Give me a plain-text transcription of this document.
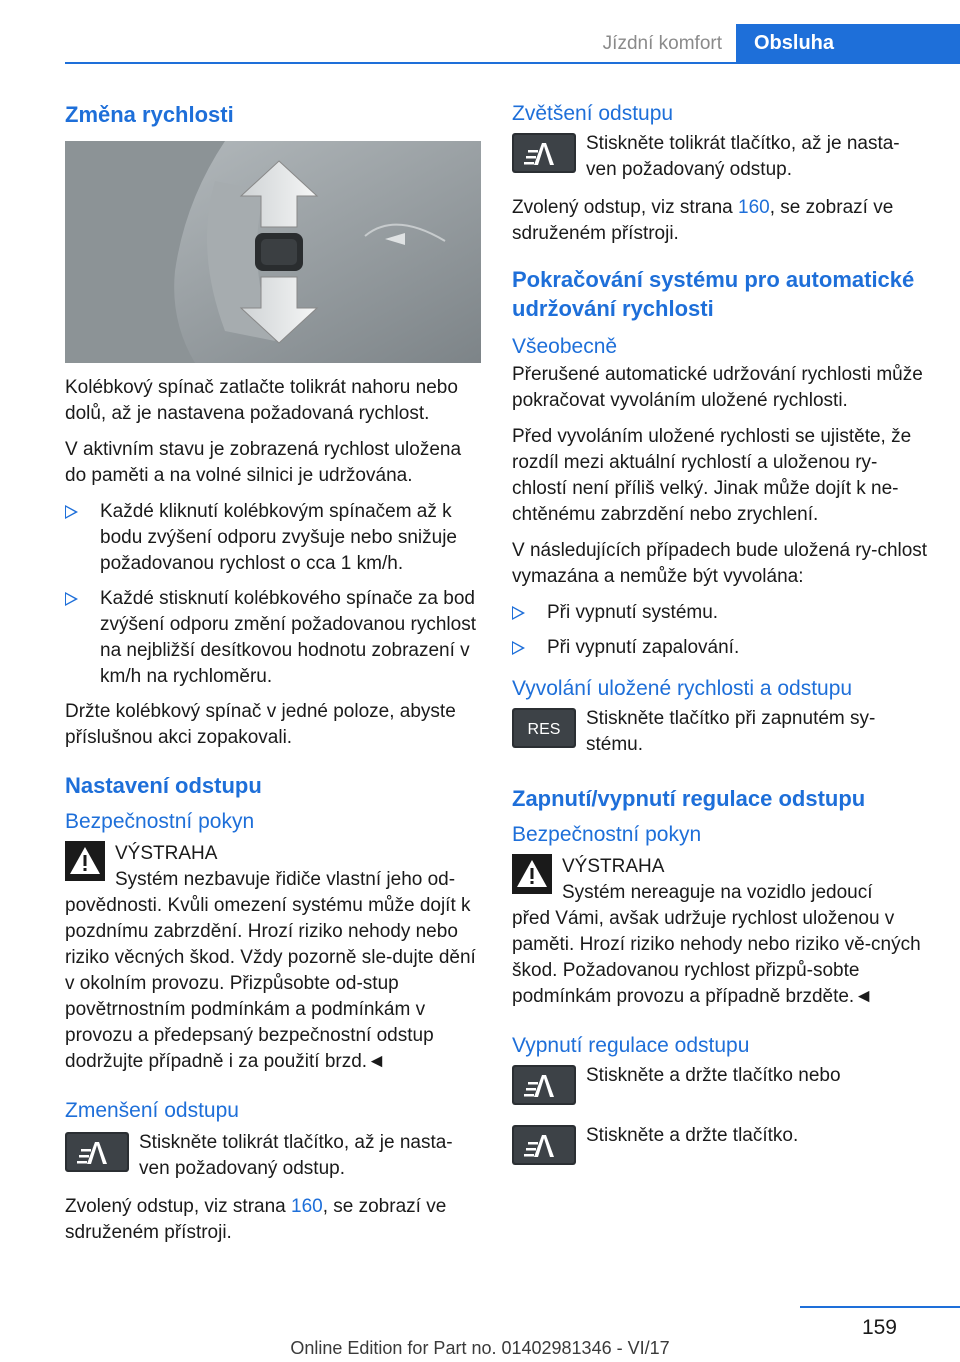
Jízdní komfort	Obsluha
Změna rychlosti

Kolébkový spínač zatlačte tolikrát nahoru nebo dolů, až je nastavena požadovaná rychlost.

V aktivním stavu je zobrazená rychlost uložena do paměti a na volné silnici je udržována.

Každé kliknutí kolébkovým spínačem až k bodu zvýšení odporu zvyšuje nebo snižuje požadovanou rychlost o cca 1 km/h.
Každé stisknutí kolébkového spínače za bod zvýšení odporu změní požadovanou rychlost na nejbližší desítkovou hodnotu zobrazení v km/h na rychloměru.

Držte kolébkový spínač v jedné poloze, abyste příslušnou akci zopakovali.

Nastavení odstupu
Bezpečnostní pokyn

VÝSTRAHA

Systém nezbavuje řidiče vlastní jeho od-

povědnosti. Kvůli omezení systému může dojít k pozdnímu zabrzdění. Hrozí riziko nehody nebo riziko věcných škod. Vždy pozorně sle-dujte dění v okolním provozu. Přizpůsobte od-stup povětrnostním podmínkám a podmínkám v provozu a předepsaný bezpečnostní odstup dodržujte případně i za použití brzd.◄

Zmenšení odstupu

Stiskněte tolikrát tlačítko, až je nasta-ven požadovaný odstup.

Zvolený odstup, viz strana 160, se zobrazí ve sdruženém přístroji.

Zvětšení odstupu

Stiskněte tolikrát tlačítko, až je nasta-ven požadovaný odstup.

Zvolený odstup, viz strana 160, se zobrazí ve sdruženém přístroji.

Pokračování systému pro automatické udržování rychlosti
Všeobecně

Přerušené automatické udržování rychlosti může pokračovat vyvoláním uložené rychlosti.

Před vyvoláním uložené rychlosti se ujistěte, že rozdíl mezi aktuální rychlostí a uloženou ry-chlostí není příliš velký. Jinak může dojít k ne-chtěnému zabrzdění nebo zrychlení.

V následujících případech bude uložená ry-chlost vymazána a nemůže být vyvolána:

Při vypnutí systému.
Při vypnutí zapalování.
Vyvolání uložené rychlosti a odstupu
RES

Stiskněte tlačítko při zapnutém sy-stému.

Zapnutí/vypnutí regulace odstupu
Bezpečnostní pokyn

VÝSTRAHA

Systém nereaguje na vozidlo jedoucí

před Vámi, avšak udržuje rychlost uloženou v paměti. Hrozí riziko nehody nebo riziko vě-cných škod. Požadovanou rychlost přizpů-sobte podmínkám provozu a případně brzděte.◄

Vypnutí regulace odstupu

Stiskněte a držte tlačítko nebo

Stiskněte a držte tlačítko.

159
Online Edition for Part no. 01402981346 - VI/17
